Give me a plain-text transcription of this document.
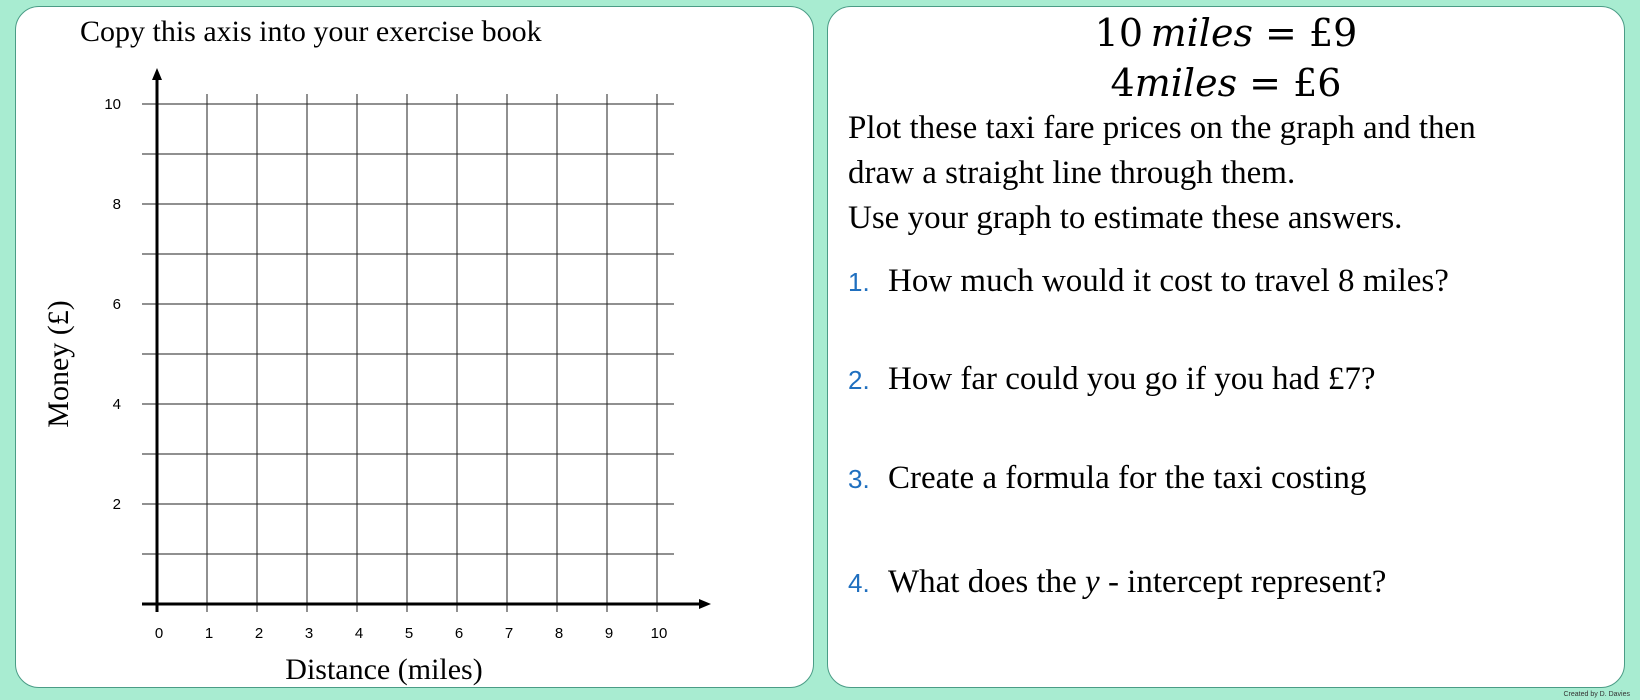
Copy this axis into your exercise book
0	1	2	3	4	5	6	7	8	9 10
2
4
6
8
10
Distance (miles)
Money (£)
10  miles = £9
4miles = £6
Plot these taxi fare prices on the graph and then
draw a straight line through them.
Use your graph to estimate these answers.
1. How much would it cost to travel 8 miles?
2. How far could you go if you had £7?
3. Create a formula for the taxi costing
4. What does the y - intercept represent?
Created by D. Davies
